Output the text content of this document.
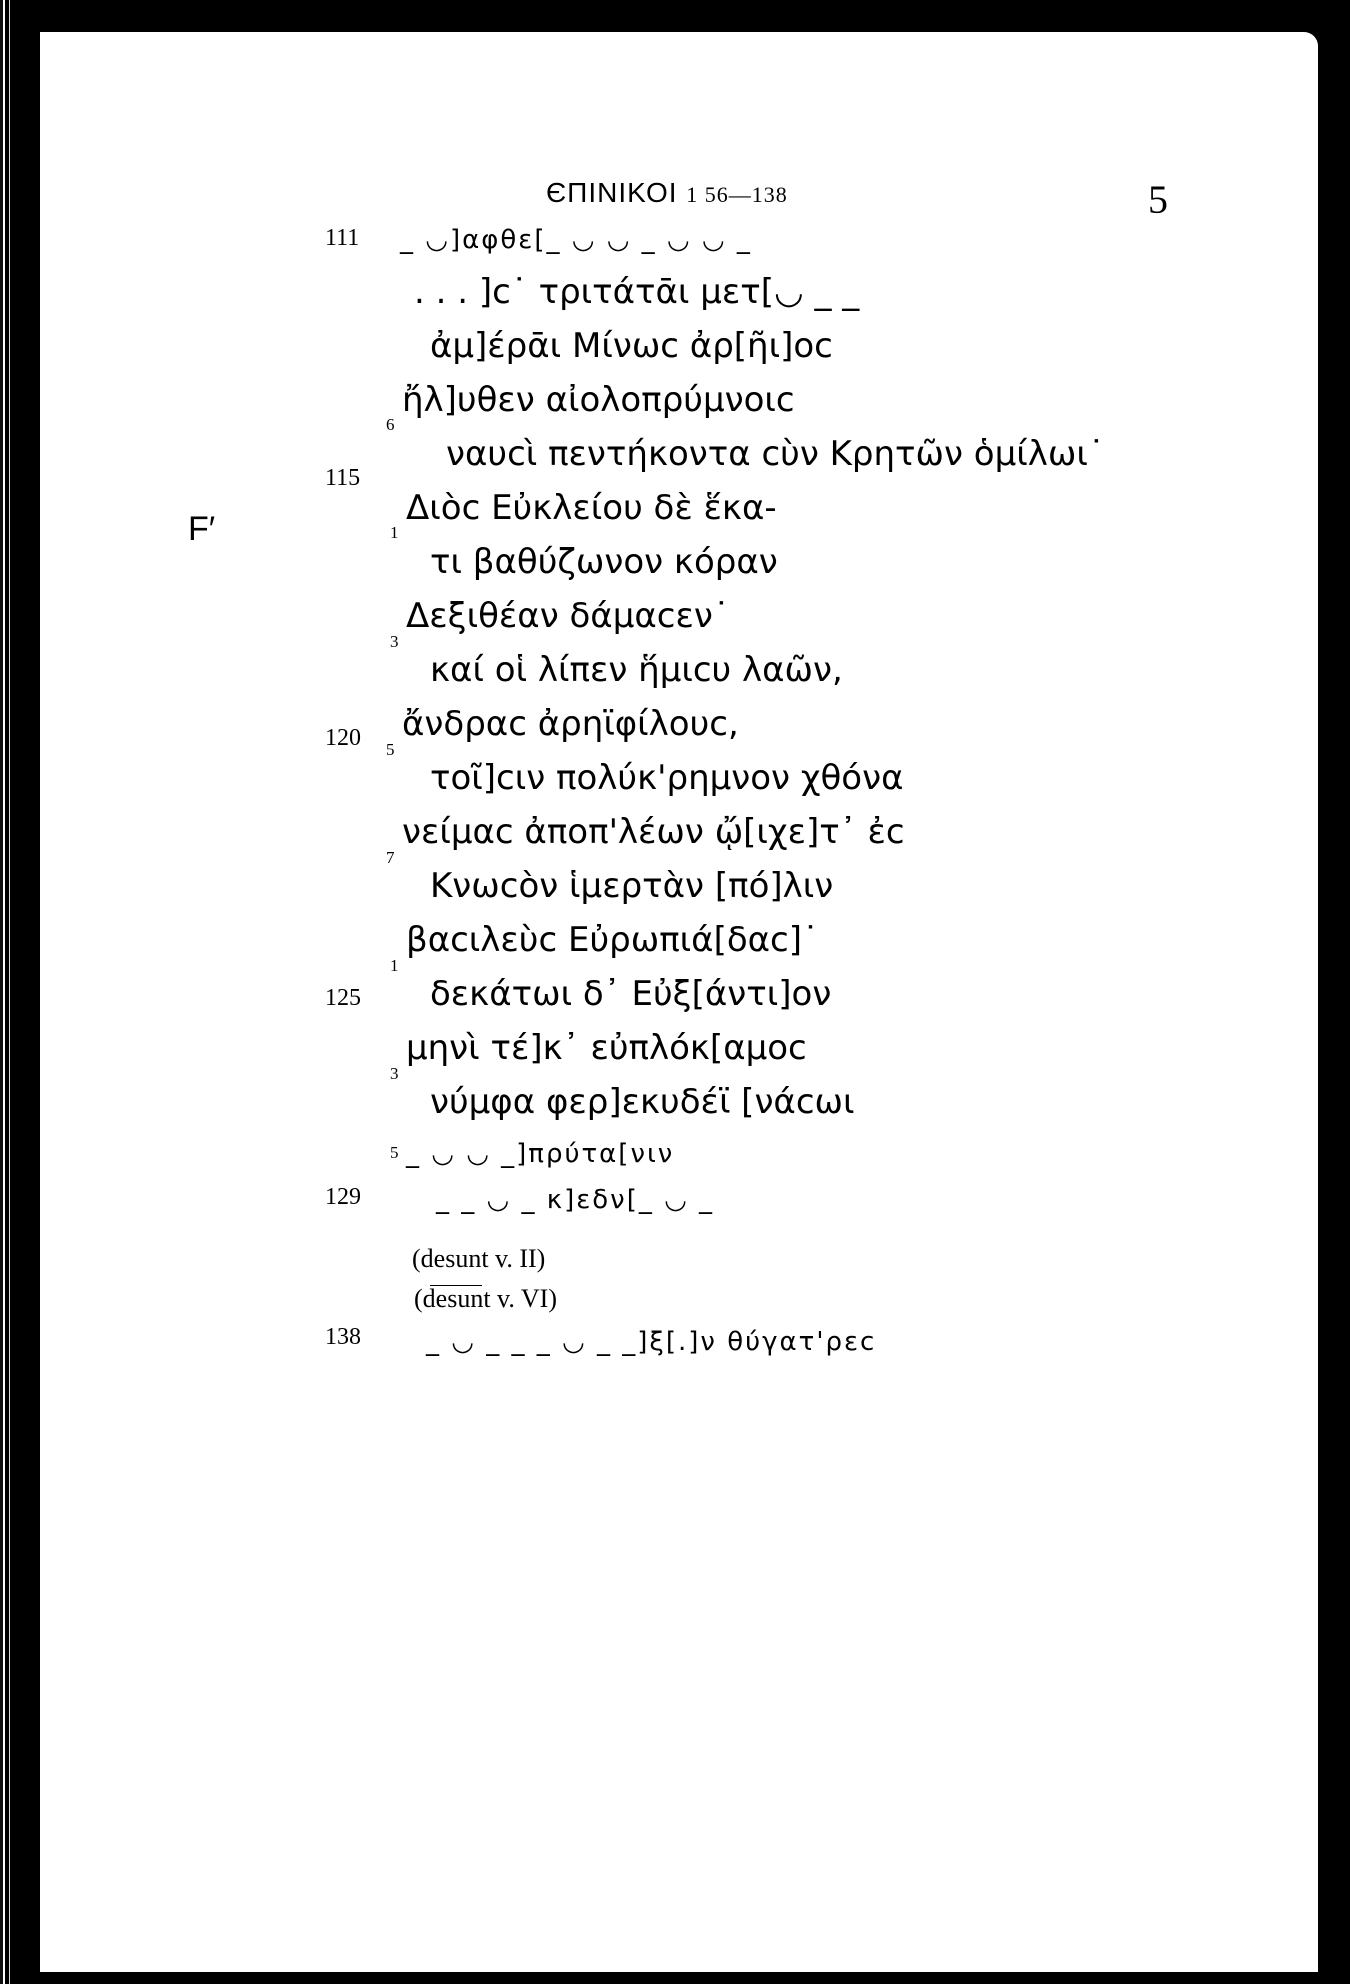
ЄΠΙΝΙΚΟΙ 1 56—138	5
F′
111
115
120
125
129
138
6
1
3
5
7
1
3
5
_ ◡]αφθε[_ ◡ ◡ _ ◡ ◡ _
. . . ]c˙ τριτάτᾱι μετ[◡ _ _
ἀμ]έρᾱι Μίνωc ἀρ[ῆι]οc
ἤλ]υθεν αἰολοπρύμνοιc
ναυcὶ πεντήκοντα cὺν Κρητῶν ὁμίλωι˙
Διὸc Εὐκλείου δὲ ἕκα-
τι βαθύζωνον κόραν
Δεξιθέαν δάμαcεν˙
καί οἱ λίπεν ἥμιcυ λαῶν,
ἄνδραc ἀρηϊφίλουc,
τοῖ]cιν πολύκ'ρημνον χθόνα
νείμαc ἀποπ'λέων ᾤ[ιχε]τ᾽ ἐc
Κνωcὸν ἱμερτὰν [πό]λιν
βαcιλεὺc Εὐρωπιά[δαc]˙
δεκάτωι δ᾽ Εὐξ[άντι]ον
μηνὶ τέ]κ᾽ εὐπλόκ[αμοc
νύμφα φερ]εκυδέϊ [νάcωι
_ ◡ ◡ _]πρύτα[νιν
_ _ ◡ _ κ]εδν[_ ◡ _
(desunt v. II)
(desunt v. VI)
_ ◡ _ _ _ ◡ _ _]ξ[.]ν θύγατ'ρεc
